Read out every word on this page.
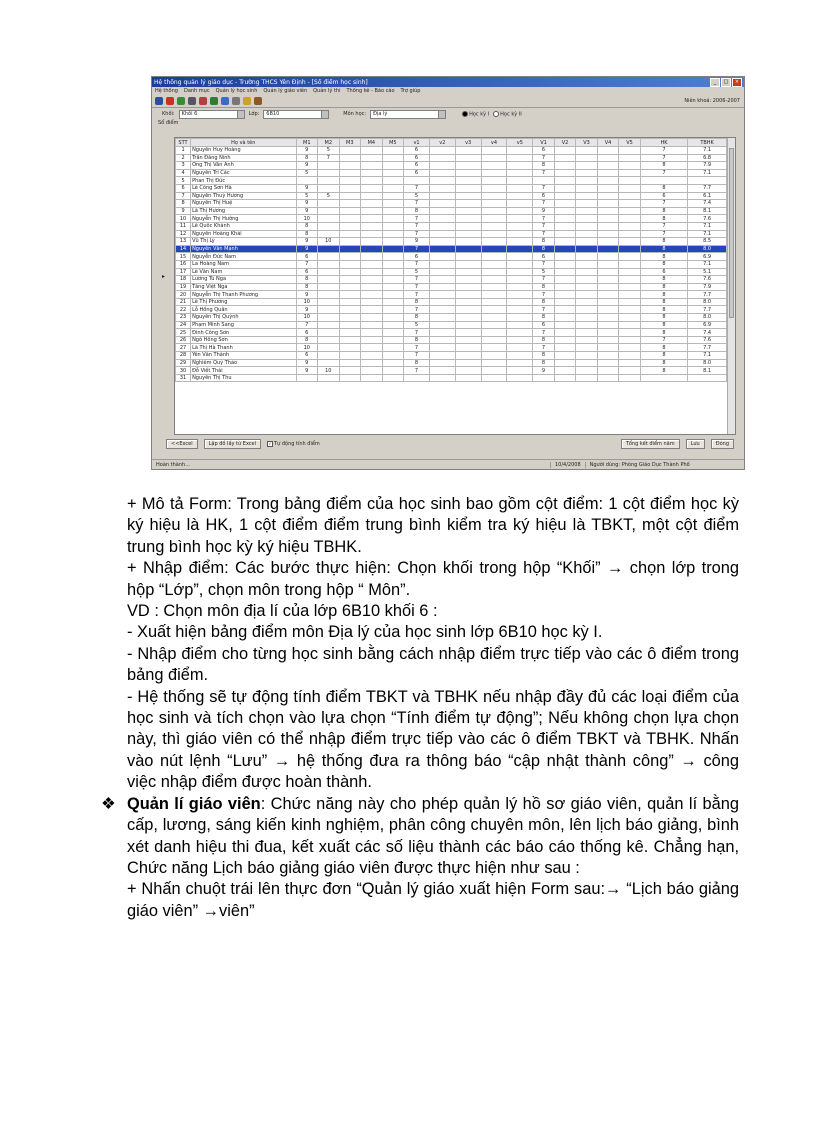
Hệ thống quản lý giáo dục - Trường THCS Yên Định - [Sổ điểm học sinh]	_	□	×
Hệ thống Danh mục Quản lý học sinh Quản lý giáo viên Quản lý thi Thống kê - Báo cáo Trợ giúp
Niên khoá: 2006-2007
Khối:	Khối 6	Lớp:	6B10	Môn học:	Địa lý	Học kỳ I	Học kỳ II
Sổ điểm
STT	Họ và tên	M1	M2	M3	M4	M5	v1	v2	v3	v4	v5	V1	V2	V3	V4	V5	HK	TBHK
1	Nguyễn Huy Hoàng	9	5				6					6					7	7.1
2	Trần Đăng Ninh	8	7				6					7					7	6.8
3	Ông Thị Vân Anh	9					6					8					8	7.9
4	Nguyễn Trí Các	5					6					7					7	7.1
5	Phan Thị Đức																	
6	Lê Công Sơn Hà	9					7					7					8	7.7
7	Nguyễn Thuỳ Hương	5	5				5					6					6	6.1
8	Nguyễn Thị Huệ	9					7					7					7	7.4
9	Lã Thị Hương	9					8					9					8	8.1
10	Nguyễn Thị Hường	10					7					7					8	7.6
11	Lê Quốc Khánh	8					7					7					7	7.1
12	Nguyễn Hoàng Khải	8					7					7					7	7.1
13	Vũ Thị Lý	9	10				9					8					8	8.5
14	Nguyễn Văn Mạnh	9					7					8					8	8.0
15	Nguyễn Đức Nam	6					6					6					8	6.9
16	La Hoàng Nam	7					7					7					8	7.1
17	Lê Văn Nam	6					5					5					6	5.1
18	Lương Tú Nga	8					7					7					8	7.6
19	Tăng Việt Nga	8					7					8					8	7.9
20	Nguyễn Thị Thanh Phương	9					7					7					8	7.7
21	Lê Thị Phương	10					8					8					8	8.0
22	Lỗ Hồng Quân	9					7					7					8	7.7
23	Nguyễn Thị Quỳnh	10					8					8					8	8.0
24	Phạm Minh Sang	7					5					6					8	6.9
25	Đinh Công Sơn	6					7					7					8	7.4
26	Ngô Hồng Sơn	8					8					8					7	7.6
27	Lã Thị Hà Thanh	10					7					7					8	7.7
28	Yên Văn Thành	6					7					8					8	7.1
29	Nghiêm Quý Thảo	9					8					8					8	8.0
30	Đỗ Viết Thái	9	10				7					9					8	8.1
31	Nguyễn Thị Thu																	
▸
<<Excel	Lập đồ lấy từ Excel	✓ Tự động tính điểm	Tổng kết điểm năm	Lưu	Đóng
Hoàn thành...	10/4/2008	Người dùng: Phòng Giáo Dục Thành Phố

+ Mô tả Form: Trong bảng điểm của học sinh bao gồm cột điểm: 1 cột điểm học kỳ ký hiệu là HK, 1 cột điểm điểm trung bình kiểm tra ký hiệu là TBKT, một cột điểm trung bình học kỳ ký hiệu TBHK.

+ Nhập điểm: Các bước thực hiện: Chọn khối trong hộp “Khối” → chọn lớp trong hộp “Lớp”, chọn môn trong hộp “ Môn”.

VD : Chọn môn địa lí của lớp 6B10 khối 6 :

- Xuất hiện bảng điểm môn Địa lý của học sinh lớp 6B10 học kỳ I.

- Nhập điểm cho từng học sinh bằng cách nhập điểm trực tiếp vào các ô điểm trong bảng điểm.

- Hệ thống sẽ tự động tính điểm TBKT và TBHK nếu nhập đầy đủ các loại điểm của học sinh và tích chọn vào lựa chọn “Tính điểm tự động”; Nếu không chọn lựa chọn này, thì giáo viên có thể nhập điểm trực tiếp vào các ô điểm TBKT và TBHK. Nhấn vào nút lệnh “Lưu” → hệ thống đưa ra thông báo “cập nhật thành công” → công việc nhập điểm được hoàn thành.

❖ Quản lí giáo viên: Chức năng này cho phép quản lý hồ sơ giáo viên, quản lí bằng cấp, lương, sáng kiến kinh nghiệm, phân công chuyên môn, lên lịch báo giảng, bình xét danh hiệu thi đua, kết xuất các số liệu thành các báo cáo thống kê. Chẳng hạn, Chức năng Lịch báo giảng giáo viên được thực hiện như sau :

+ Nhấn chuột trái lên thực đơn “Quản lý giáo xuất hiện Form sau:→ “Lịch báo giảng giáo viên” →viên”
